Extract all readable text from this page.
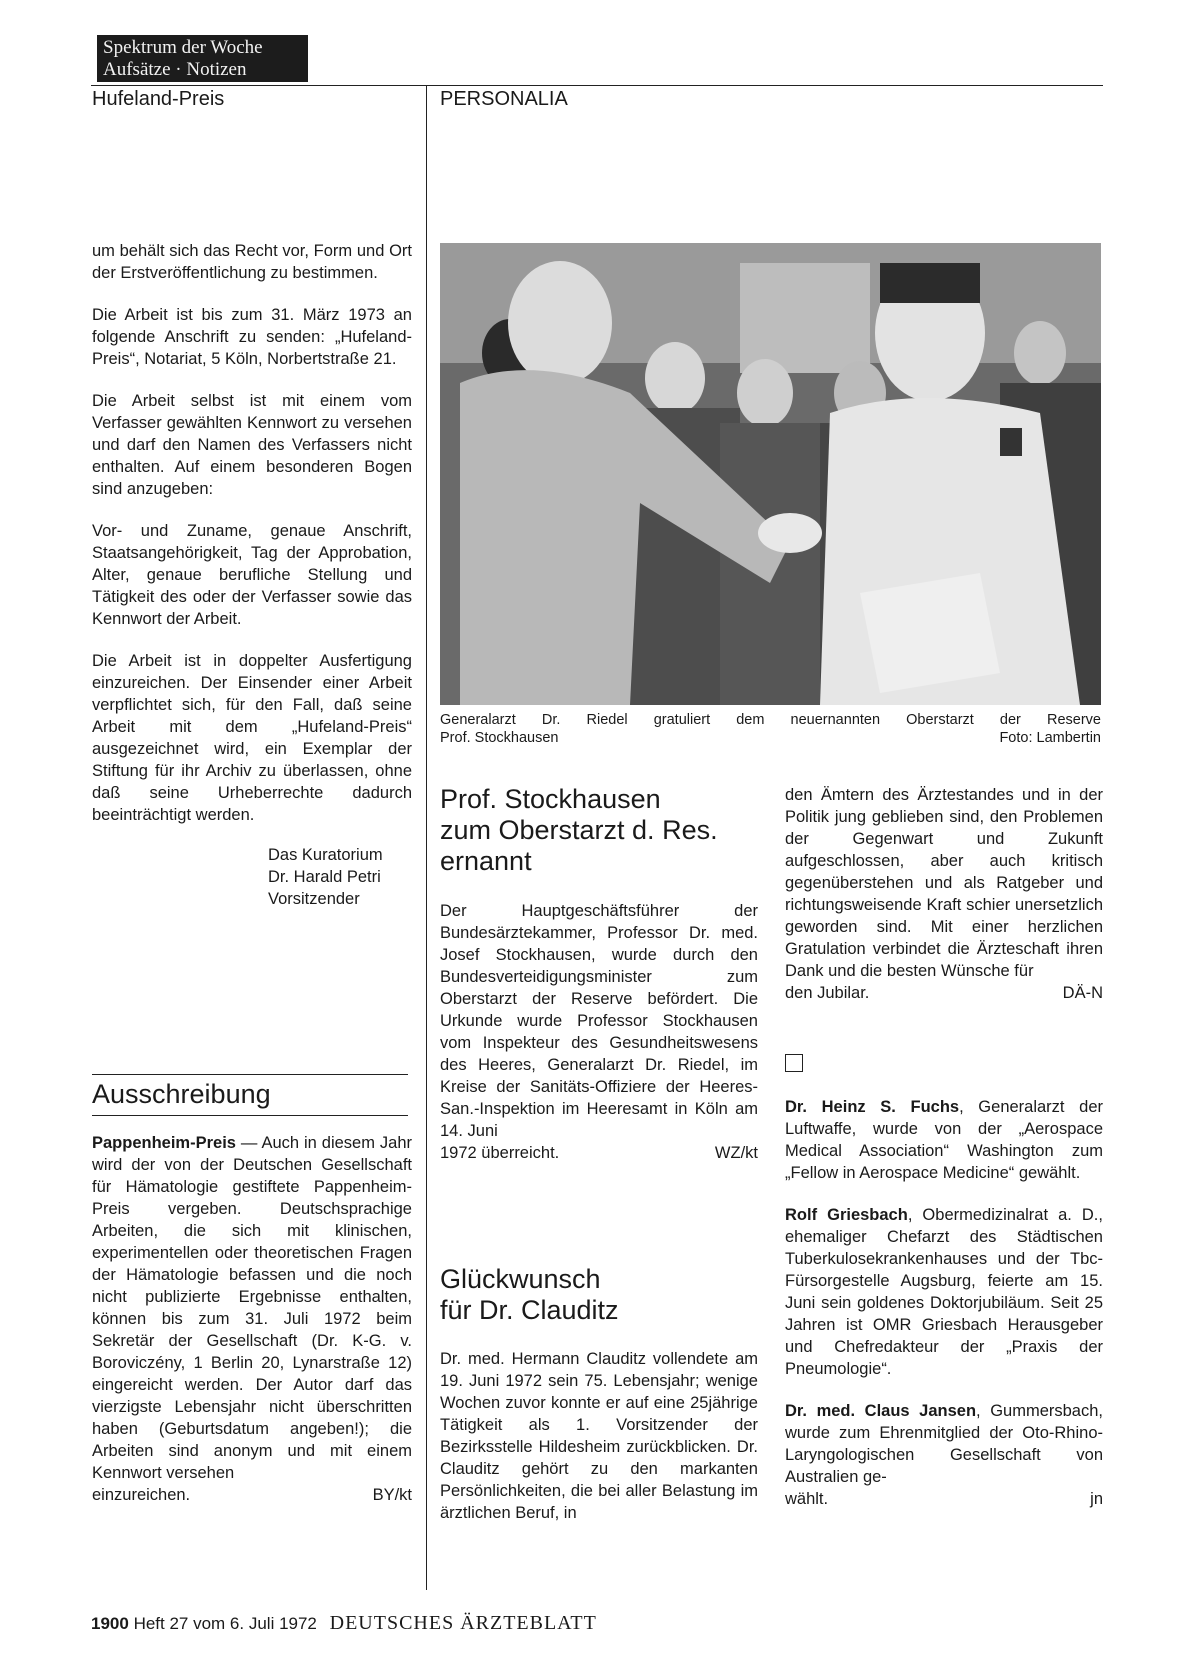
Spektrum der Woche
Aufsätze · Notizen
Hufeland-Preis	PERSONALIA

um behält sich das Recht vor, Form und Ort der Erstveröffentlichung zu bestimmen.

Die Arbeit ist bis zum 31. März 1973 an folgende Anschrift zu senden: „Hufeland-Preis“, Notariat, 5 Köln, Norbertstraße 21.

Die Arbeit selbst ist mit einem vom Verfasser gewählten Kennwort zu versehen und darf den Namen des Verfassers nicht enthalten. Auf einem besonderen Bogen sind anzugeben:

Vor- und Zuname, genaue Anschrift, Staatsangehörigkeit, Tag der Approbation, Alter, genaue berufliche Stellung und Tätigkeit des oder der Verfasser sowie das Kennwort der Arbeit.

Die Arbeit ist in doppelter Ausfertigung einzureichen. Der Einsender einer Arbeit verpflichtet sich, für den Fall, daß seine Arbeit mit dem „Hufeland-Preis“ ausgezeichnet wird, ein Exemplar der Stiftung für ihr Archiv zu überlassen, ohne daß seine Urheberrechte dadurch beeinträchtigt werden.

Das Kuratorium
Dr. Harald Petri
Vorsitzender
Ausschreibung

Pappenheim-Preis — Auch in diesem Jahr wird der von der Deutschen Gesellschaft für Hämatologie gestiftete Pappenheim-Preis vergeben. Deutschsprachige Arbeiten, die sich mit klinischen, experimentellen oder theoretischen Fragen der Hämatologie befassen und die noch nicht publizierte Ergebnisse enthalten, können bis zum 31. Juli 1972 beim Sekretär der Gesellschaft (Dr. K-G. v. Boroviczény, 1 Berlin 20, Lynarstraße 12) eingereicht werden. Der Autor darf das vierzigste Lebensjahr nicht überschritten haben (Geburtsdatum angeben!); die Arbeiten sind anonym und mit einem Kennwort versehen

einzureichen.	BY/kt
Generalarzt Dr. Riedel gratuliert dem neuernannten Oberstarzt der Reserve
Prof. Stockhausen	Foto: Lambertin
Prof. Stockhausen
zum Oberstarzt d. Res.
ernannt

Der Hauptgeschäftsführer der Bundesärztekammer, Professor Dr. med. Josef Stockhausen, wurde durch den Bundesverteidigungsminister zum Oberstarzt der Reserve befördert. Die Urkunde wurde Professor Stockhausen vom Inspekteur des Gesundheitswesens des Heeres, Generalarzt Dr. Riedel, im Kreise der Sanitäts-Offiziere der Heeres-San.-Inspektion im Heeresamt in Köln am 14. Juni

1972 überreicht.	WZ/kt
Glückwunsch
für Dr. Clauditz

Dr. med. Hermann Clauditz vollendete am 19. Juni 1972 sein 75. Lebensjahr; wenige Wochen zuvor konnte er auf eine 25jährige Tätigkeit als 1. Vorsitzender der Bezirksstelle Hildesheim zurückblicken. Dr. Clauditz gehört zu den markanten Persönlichkeiten, die bei aller Belastung im ärztlichen Beruf, in

den Ämtern des Ärztestandes und in der Politik jung geblieben sind, den Problemen der Gegenwart und Zukunft aufgeschlossen, aber auch kritisch gegenüberstehen und als Ratgeber und richtungsweisende Kraft schier unersetzlich geworden sind. Mit einer herzlichen Gratulation verbindet die Ärzteschaft ihren Dank und die besten Wünsche für

den Jubilar.	DÄ-N

Dr. Heinz S. Fuchs, Generalarzt der Luftwaffe, wurde von der „Aerospace Medical Association“ Washington zum „Fellow in Aerospace Medicine“ gewählt.

Rolf Griesbach, Obermedizinalrat a. D., ehemaliger Chefarzt des Städtischen Tuberkulosekrankenhauses und der Tbc-Fürsorgestelle Augsburg, feierte am 15. Juni sein goldenes Doktorjubiläum. Seit 25 Jahren ist OMR Griesbach Herausgeber und Chefredakteur der „Praxis der Pneumologie“.

Dr. med. Claus Jansen, Gummersbach, wurde zum Ehrenmitglied der Oto-Rhino-Laryngologischen Gesellschaft von Australien ge-

wählt.	jn
1900 Heft 27 vom 6. Juli 1972 DEUTSCHES ÄRZTEBLATT
